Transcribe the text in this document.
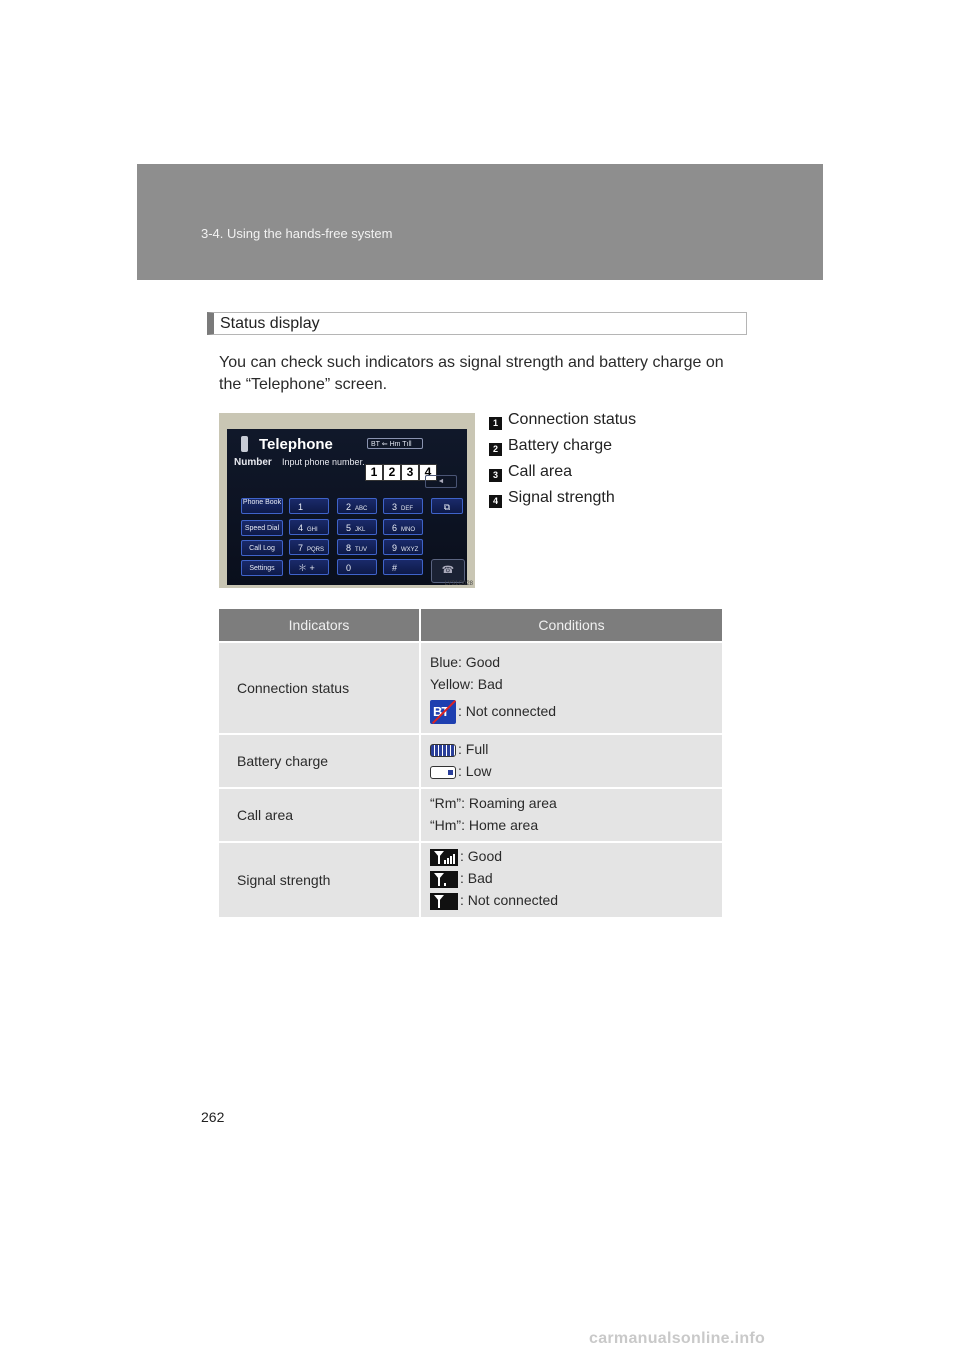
3-4. Using the hands-free system
Status display
You can check such indicators as signal strength and battery charge on the “Telephone” screen.
Telephone	BT ⇐ Hm Tıll
Number Input phone number.
1 2 3 4
◄
Phone Book
Speed Dial
Call Log
Settings
1	2 ABC	3 DEF
4 GHI	5 JKL	6 MNO
7 PQRS	8 TUV	9 WXYZ
＊ +	0	#
⧉
☎
LY31G028
1 Connection status
2 Battery charge
3 Call area
4 Signal strength
Indicators	Conditions
Connection status	Blue: Good
Yellow: Bad
BT : Not connected

Battery charge	: Full
: Low

Call area	“Rm”: Roaming area
“Hm”: Home area

Signal strength	: Good
: Bad
: Not connected
262
carmanualsonline.info
